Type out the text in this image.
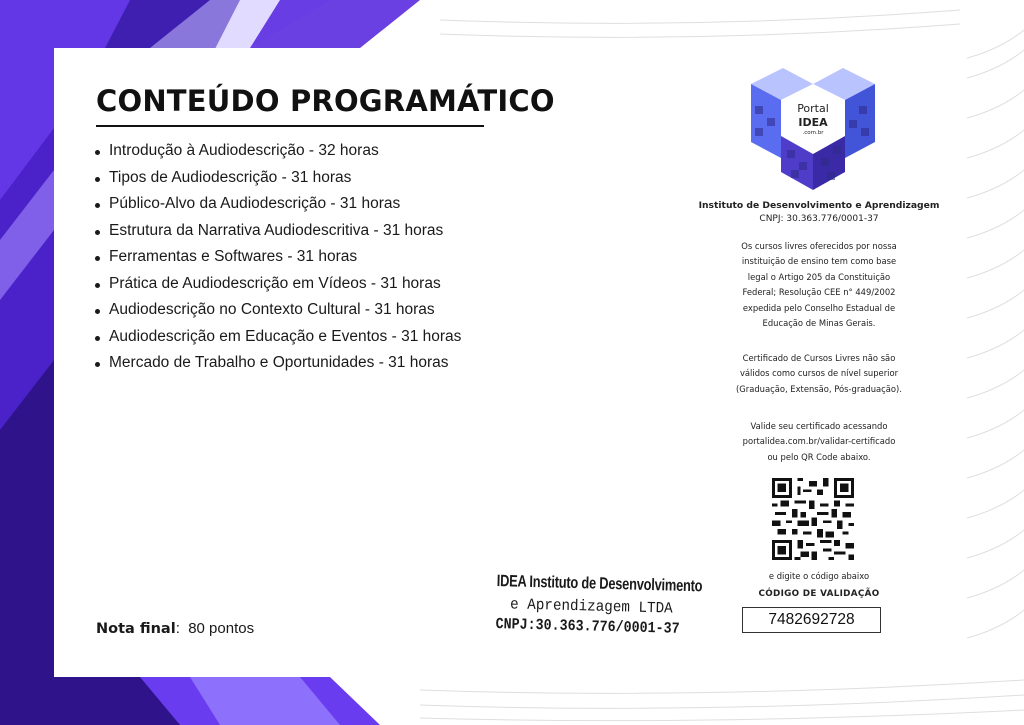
CONTEÚDO PROGRAMÁTICO
Introdução à Audiodescrição - 32 horas
Tipos de Audiodescrição - 31 horas
Público-Alvo da Audiodescrição - 31 horas
Estrutura da Narrativa Audiodescritiva - 31 horas
Ferramentas e Softwares - 31 horas
Prática de Audiodescrição em Vídeos - 31 horas
Audiodescrição no Contexto Cultural - 31 horas
Audiodescrição em Educação e Eventos - 31 horas
Mercado de Trabalho e Oportunidades - 31 horas
Nota final:  80 pontos
IDEA Instituto de Desenvolvimento
e Aprendizagem LTDA
CNPJ:30.363.776/0001-37
Portal
IDEA
.com.br
Instituto de Desenvolvimento e Aprendizagem
CNPJ: 30.363.776/0001-37
Os cursos livres oferecidos por nossa
instituição de ensino tem como base
legal o Artigo 205 da Constituição
Federal; Resolução CEE n° 449/2002
expedida pelo Conselho Estadual de
Educação de Minas Gerais.
Certificado de Cursos Livres não são
válidos como cursos de nível superior
(Graduação, Extensão, Pós-graduação).
Valide seu certificado acessando
portalidea.com.br/validar-certificado
ou pelo QR Code abaixo.
e digite o código abaixo
CÓDIGO DE VALIDAÇÃO
7482692728
